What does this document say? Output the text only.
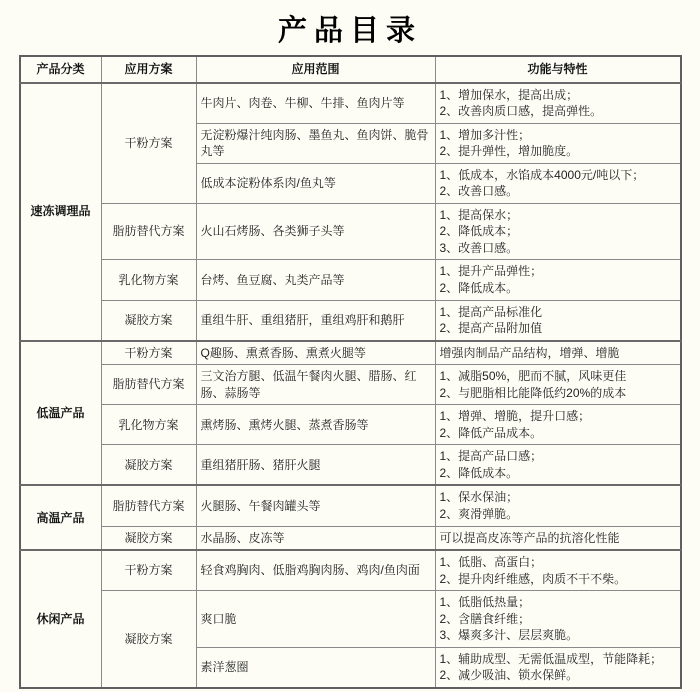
产品目录
产品分类	应用方案	应用范围	功能与特性
速冻调理品	干粉方案	牛肉片、肉卷、牛柳、牛排、鱼肉片等	1、增加保水，提高出成；
2、改善肉质口感，提高弹性。

		无淀粉爆汁纯肉肠、墨鱼丸、鱼肉饼、脆骨丸等	1、增加多汁性；
2、提升弹性，增加脆度。

		低成本淀粉体系肉/鱼丸等	1、低成本，水馅成本4000元/吨以下；
2、改善口感。

	脂肪替代方案	火山石烤肠、各类狮子头等	1、提高保水；
2、降低成本；
3、改善口感。

	乳化物方案	台烤、鱼豆腐、丸类产品等	1、提升产品弹性；
2、降低成本。

	凝胶方案	重组牛肝、重组猪肝，重组鸡肝和鹅肝	1、提高产品标准化
2、提高产品附加值

低温产品	干粉方案	Q趣肠、熏煮香肠、熏煮火腿等	增强肉制品产品结构，增弹、增脆

	脂肪替代方案	三文治方腿、低温午餐肉火腿、腊肠、红肠、蒜肠等	1、减脂50%，肥而不腻，风味更佳
2、与肥脂相比能降低约20%的成本

	乳化物方案	熏烤肠、熏烤火腿、蒸煮香肠等	1、增弹、增脆，提升口感；
2、降低产品成本。

	凝胶方案	重组猪肝肠、猪肝火腿	1、提高产品口感；
2、降低成本。

高温产品	脂肪替代方案	火腿肠、午餐肉罐头等	1、保水保油；
2、爽滑弹脆。

	凝胶方案	水晶肠、皮冻等	可以提高皮冻等产品的抗溶化性能

休闲产品	干粉方案	轻食鸡胸肉、低脂鸡胸肉肠、鸡肉/鱼肉面	1、低脂、高蛋白；
2、提升肉纤维感，肉质不干不柴。

	凝胶方案	爽口脆	1、低脂低热量；
2、含膳食纤维；
3、爆爽多汁、层层爽脆。

		素洋葱圈	1、辅助成型、无需低温成型，节能降耗；
2、减少吸油、锁水保鲜。
